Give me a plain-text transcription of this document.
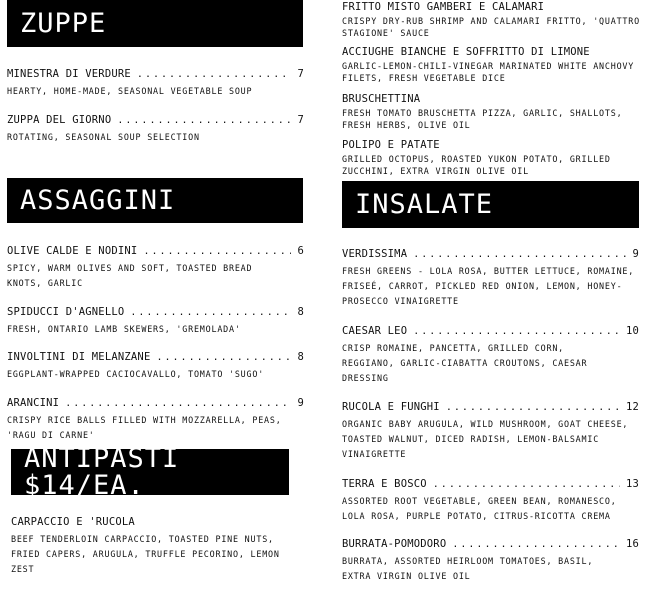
ZUPPE
MINESTRA DI VERDURE .....	7
HEARTY, HOME-MADE, SEASONAL VEGETABLE SOUP
ZUPPA DEL GIORNO .....	7
ROTATING, SEASONAL SOUP SELECTION
ASSAGGINI
OLIVE CALDE E NODINI .....	6
SPICY, WARM OLIVES AND SOFT, TOASTED BREAD KNOTS, GARLIC
SPIDUCCI D'AGNELLO .....	8
FRESH, ONTARIO LAMB SKEWERS, 'GREMOLADA'
INVOLTINI DI MELANZANE .....	8
EGGPLANT-WRAPPED CACIOCAVALLO, TOMATO 'SUGO'
ARANCINI .....	9
CRISPY RICE BALLS FILLED WITH MOZZARELLA, PEAS, 'RAGU DI CARNE'
ANTIPASTI $14/EA.
CARPACCIO E 'RUCOLA
BEEF TENDERLOIN CARPACCIO, TOASTED PINE NUTS, FRIED CAPERS, ARUGULA, TRUFFLE PECORINO, LEMON ZEST
FRITTO MISTO GAMBERI E CALAMARI
CRISPY DRY-RUB SHRIMP AND CALAMARI FRITTO, 'QUATTRO STAGIONE' SAUCE
ACCIUGHE BIANCHE E SOFFRITTO DI LIMONE
GARLIC-LEMON-CHILI-VINEGAR MARINATED WHITE ANCHOVY FILETS, FRESH VEGETABLE DICE
BRUSCHETTINA
FRESH TOMATO BRUSCHETTA PIZZA, GARLIC, SHALLOTS, FRESH HERBS, OLIVE OIL
POLIPO E PATATE
GRILLED OCTOPUS, ROASTED YUKON POTATO, GRILLED ZUCCHINI, EXTRA VIRGIN OLIVE OIL
INSALATE
VERDISSIMA .....	9
FRESH GREENS - LOLA ROSA, BUTTER LETTUCE, ROMAINE, FRISEÉ, CARROT, PICKLED RED ONION, LEMON, HONEY-PROSECCO VINAIGRETTE
CAESAR LEO .....	10
CRISP ROMAINE, PANCETTA, GRILLED CORN, REGGIANO, GARLIC-CIABATTA CROUTONS, CAESAR DRESSING
RUCOLA E FUNGHI .....	12
ORGANIC BABY ARUGULA, WILD MUSHROOM, GOAT CHEESE, TOASTED WALNUT, DICED RADISH, LEMON-BALSAMIC VINAIGRETTE
TERRA E BOSCO .....	13
ASSORTED ROOT VEGETABLE, GREEN BEAN, ROMANESCO, LOLA ROSA, PURPLE POTATO, CITRUS-RICOTTA CREMA
BURRATA-POMODORO .....	16
BURRATA, ASSORTED HEIRLOOM TOMATOES, BASIL, EXTRA VIRGIN OLIVE OIL
